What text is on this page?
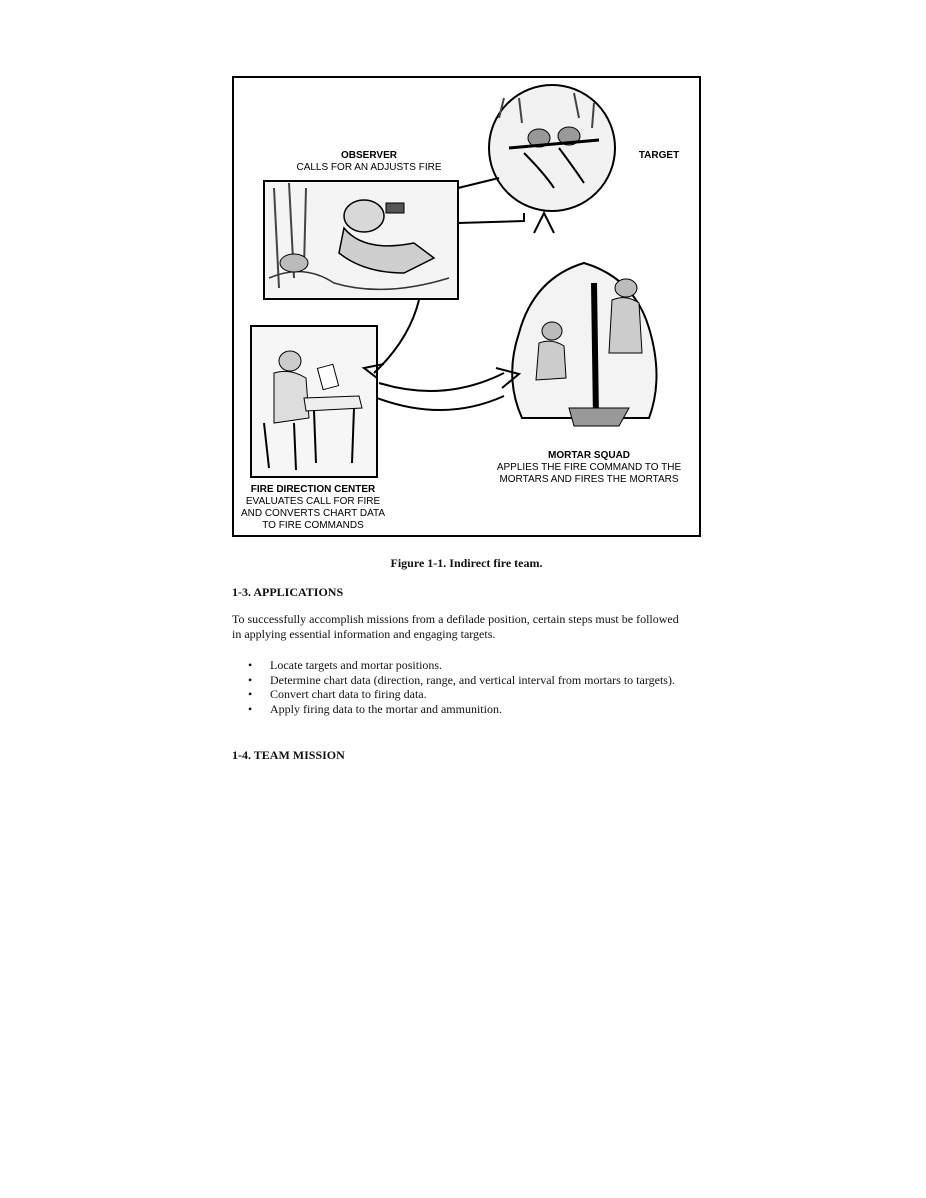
OBSERVER
CALLS FOR AN ADJUSTS FIRE
TARGET
FIRE DIRECTION CENTER
EVALUATES CALL FOR FIRE
AND CONVERTS CHART DATA
TO FIRE COMMANDS
MORTAR SQUAD
APPLIES THE FIRE COMMAND TO THE
MORTARS AND FIRES THE MORTARS
Figure 1-1. Indirect fire team.
1-3. APPLICATIONS
To successfully accomplish missions from a defilade position, certain steps must be followed in applying essential information and engaging targets.
• Locate targets and mortar positions.
• Determine chart data (direction, range, and vertical interval from mortars to targets).
• Convert chart data to firing data.
• Apply firing data to the mortar and ammunition.
1-4. TEAM MISSION
